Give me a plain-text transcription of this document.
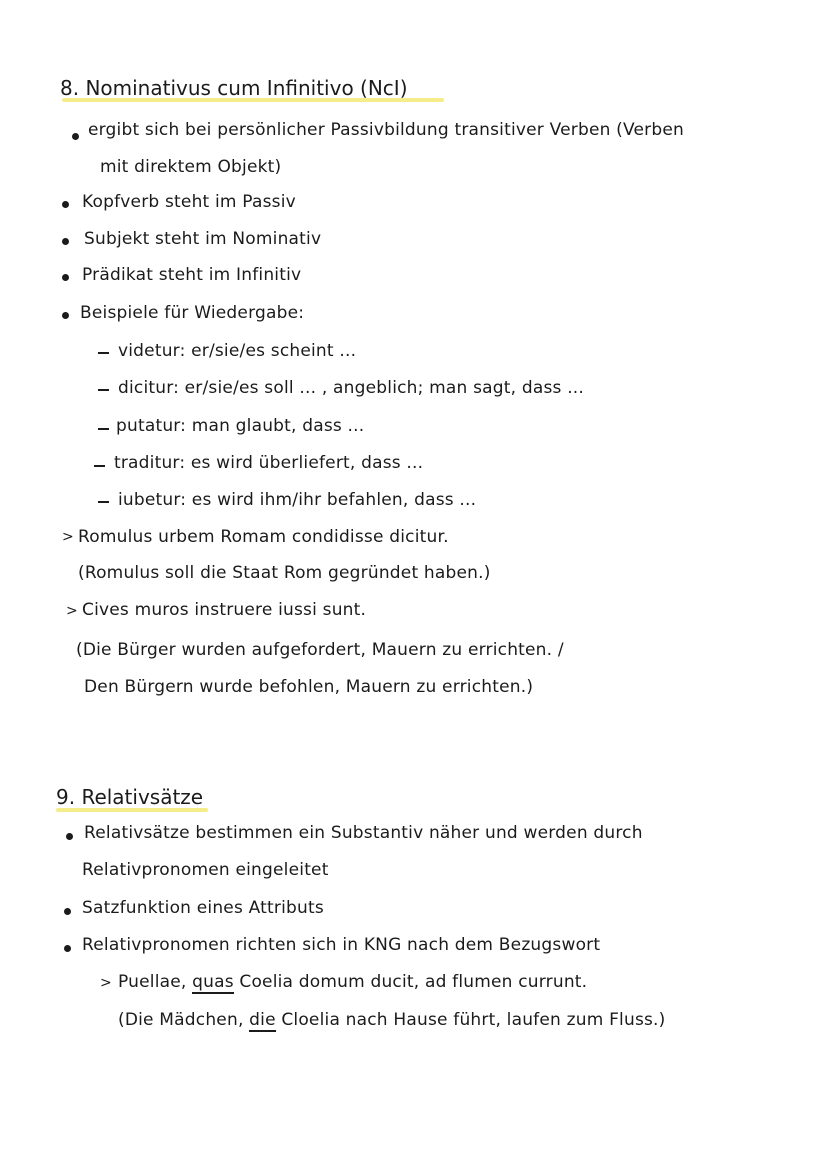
8. Nominativus cum Infinitivo (NcI)
ergibt sich bei persönlicher Passivbildung transitiver Verben (Verben
mit direktem Objekt)
Kopfverb steht im Passiv
Subjekt steht im Nominativ
Prädikat steht im Infinitiv
Beispiele für Wiedergabe:
videtur: er/sie/es scheint ...
dicitur: er/sie/es soll ... , angeblich; man sagt, dass ...
putatur: man glaubt, dass ...
traditur: es wird überliefert, dass ...
iubetur: es wird ihm/ihr befahlen, dass ...
> Romulus urbem Romam condidisse dicitur.
(Romulus soll die Staat Rom gegründet haben.)
> Cives muros instruere iussi sunt.
(Die Bürger wurden aufgefordert, Mauern zu errichten. /
Den Bürgern wurde befohlen, Mauern zu errichten.)
9. Relativsätze
Relativsätze bestimmen ein Substantiv näher und werden durch
Relativpronomen eingeleitet
Satzfunktion eines Attributs
Relativpronomen richten sich in KNG nach dem Bezugswort
> Puellae, quas Coelia domum ducit, ad flumen currunt.
(Die Mädchen, die Cloelia nach Hause führt, laufen zum Fluss.)
